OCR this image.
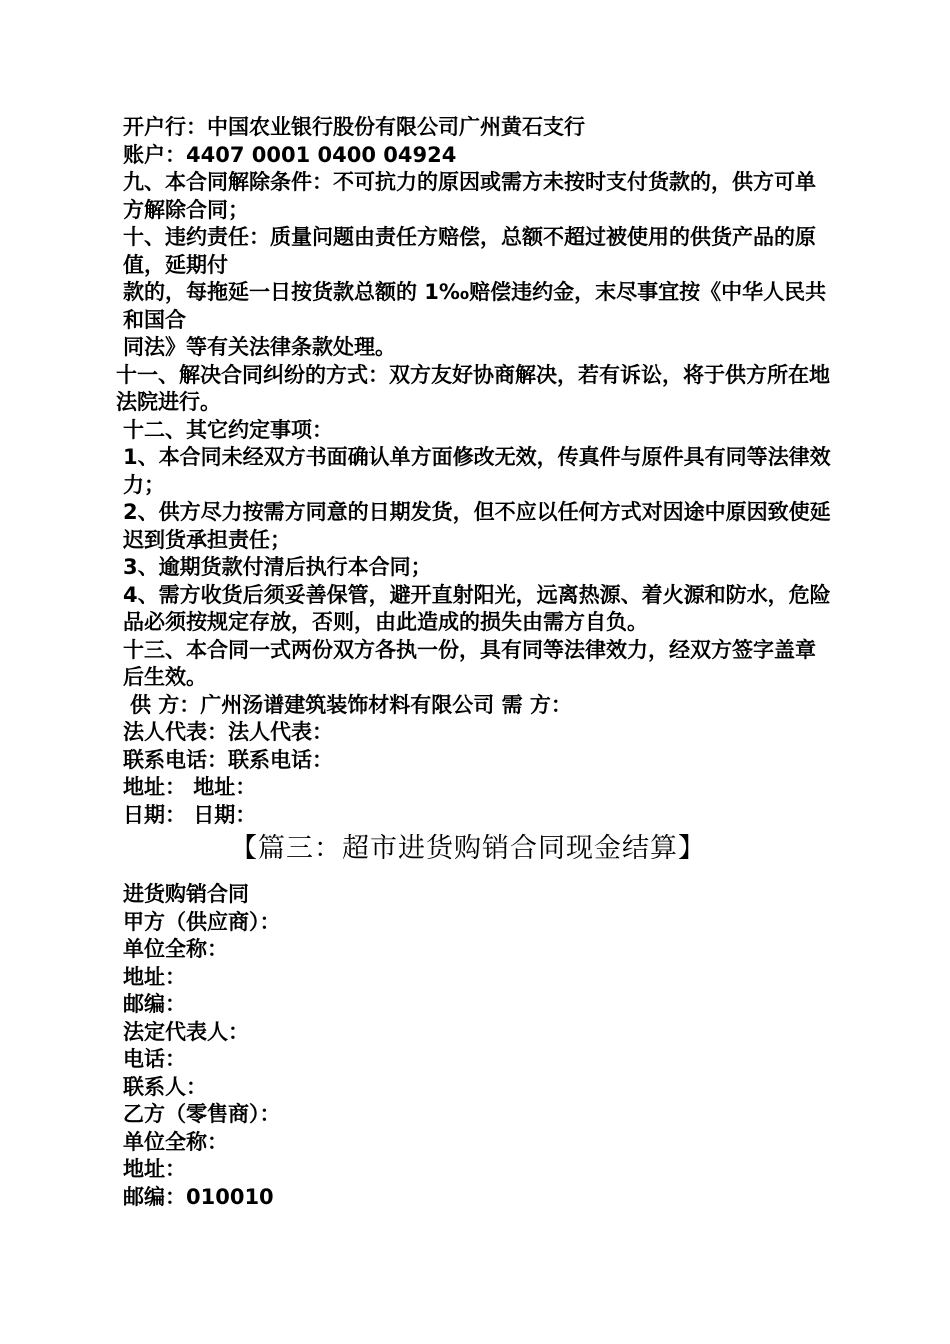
开户行：中国农业银行股份有限公司广州黄石支行

账户：4407 0001 0400 04924

九、本合同解除条件：不可抗力的原因或需方未按时支付货款的，供方可单方解除合同；

十、违约责任：质量问题由责任方赔偿，总额不超过被使用的供货产品的原值，延期付

款的，每拖延一日按货款总额的 1‰赔偿违约金，末尽事宜按《中华人民共和国合

同法》等有关法律条款处理。

十一、解决合同纠纷的方式：双方友好协商解决，若有诉讼，将于供方所在地法院进行。

十二、其它约定事项：

1、本合同未经双方书面确认单方面修改无效，传真件与原件具有同等法律效力；

2、供方尽力按需方同意的日期发货，但不应以任何方式对因途中原因致使延迟到货承担责任；

3、逾期货款付清后执行本合同；

4、需方收货后须妥善保管，避开直射阳光，远离热源、着火源和防水，危险品必须按规定存放，否则，由此造成的损失由需方自负。

十三、本合同一式两份双方各执一份，具有同等法律效力，经双方签字盖章后生效。

供 方：广州汤谱建筑装饰材料有限公司 需 方：

法人代表：法人代表：

联系电话：联系电话：

地址： 地址：

日期： 日期：

【篇三：超市进货购销合同现金结算】

进货购销合同

甲方（供应商）：

单位全称：

地址：

邮编：

法定代表人：

电话：

联系人：

乙方（零售商）：

单位全称：

地址：

邮编：010010
